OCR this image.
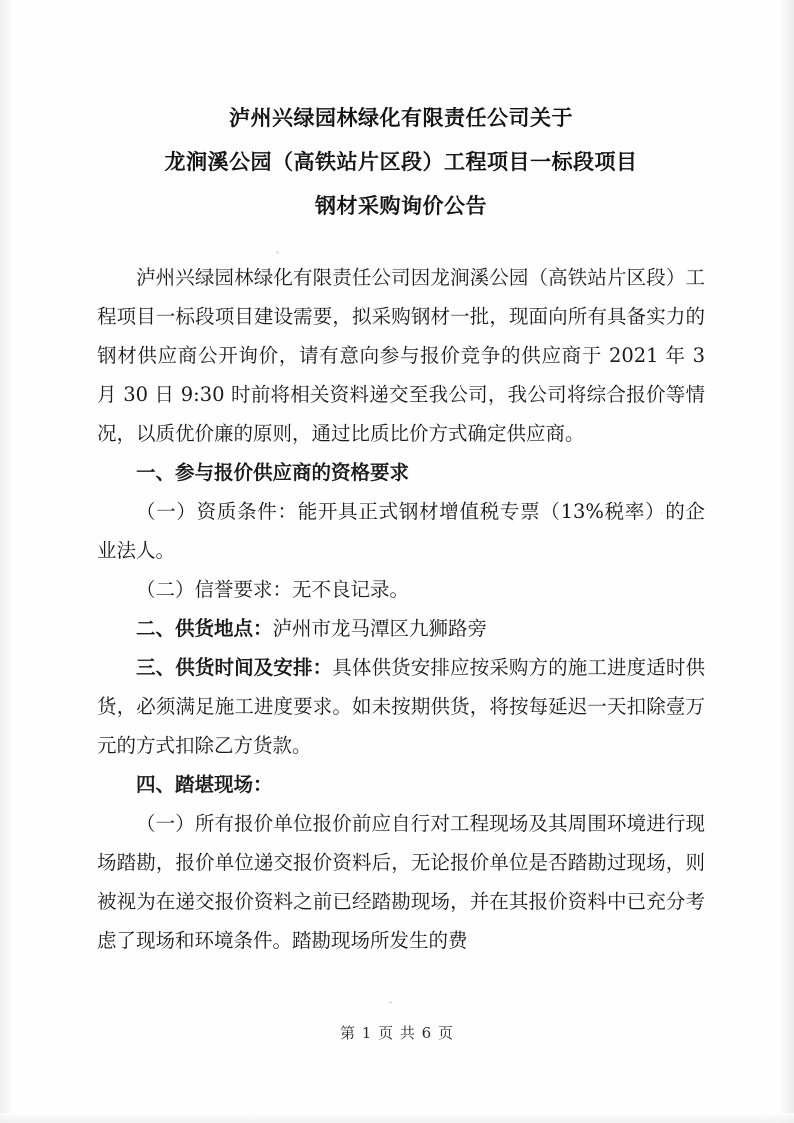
泸州兴绿园林绿化有限责任公司关于
龙涧溪公园（高铁站片区段）工程项目一标段项目
钢材采购询价公告

泸州兴绿园林绿化有限责任公司因龙涧溪公园（高铁站片区段）工程项目一标段项目建设需要，拟采购钢材一批，现面向所有具备实力的钢材供应商公开询价，请有意向参与报价竞争的供应商于 2021 年 3 月 30 日 9:30 时前将相关资料递交至我公司，我公司将综合报价等情况，以质优价廉的原则，通过比质比价方式确定供应商。

一、参与报价供应商的资格要求

（一）资质条件：能开具正式钢材增值税专票（13%税率）的企业法人。

（二）信誉要求：无不良记录。

二、供货地点：泸州市龙马潭区九狮路旁

三、供货时间及安排：具体供货安排应按采购方的施工进度适时供货，必须满足施工进度要求。如未按期供货，将按每延迟一天扣除壹万元的方式扣除乙方货款。

四、踏堪现场：

（一）所有报价单位报价前应自行对工程现场及其周围环境进行现场踏勘，报价单位递交报价资料后，无论报价单位是否踏勘过现场，则被视为在递交报价资料之前已经踏勘现场，并在其报价资料中已充分考虑了现场和环境条件。踏勘现场所发生的费

第 1 页 共 6 页
